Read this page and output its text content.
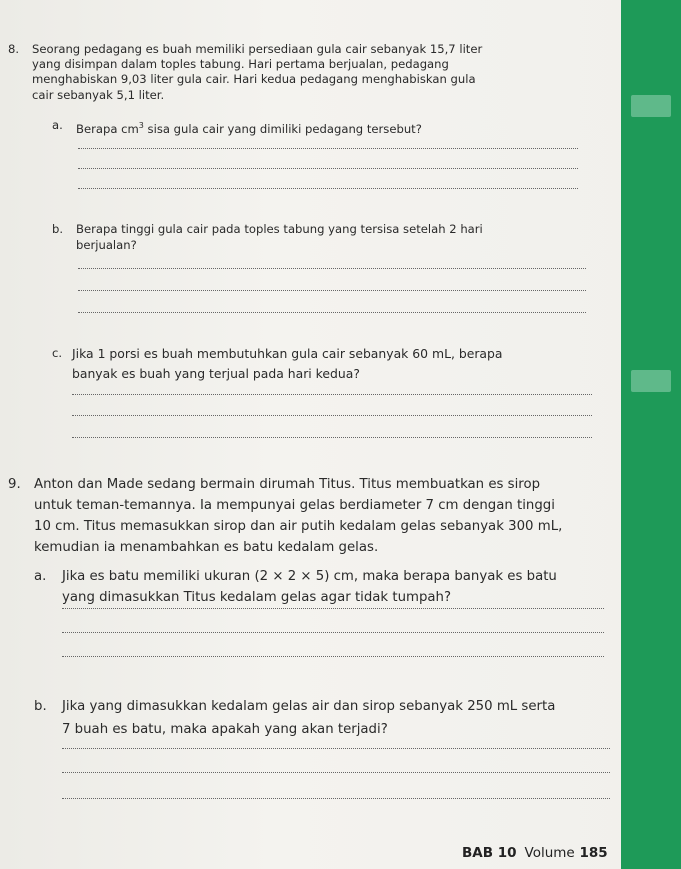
8. Seorang pedagang es buah memiliki persediaan gula cair sebanyak 15,7 liter

yang disimpan dalam toples tabung. Hari pertama berjualan, pedagang

menghabiskan 9,03 liter gula cair. Hari kedua pedagang menghabiskan gula

cair sebanyak 5,1 liter.

a. Berapa $cm^3$ sisa gula cair yang dimiliki pedagang tersebut?

b. Berapa tinggi gula cair pada toples tabung yang tersisa setelah 2 hari

berjualan?

c. Jika 1 porsi es buah membutuhkan gula cair sebanyak 60 mL, berapa

banyak es buah yang terjual pada hari kedua?

9. Anton dan Made sedang bermain dirumah Titus. Titus membuatkan es sirop

untuk teman-temannya. Ia mempunyai gelas berdiameter 7 cm dengan tinggi

10 cm. Titus memasukkan sirop dan air putih kedalam gelas sebanyak 300 mL,

kemudian ia menambahkan es batu kedalam gelas.

a. Jika es batu memiliki ukuran (2 × 2 × 5) cm, maka berapa banyak es batu

yang dimasukkan Titus kedalam gelas agar tidak tumpah?

b. Jika yang dimasukkan kedalam gelas air dan sirop sebanyak 250 mL serta

7 buah es batu, maka apakah yang akan terjadi?

BAB 10 Volume 185
